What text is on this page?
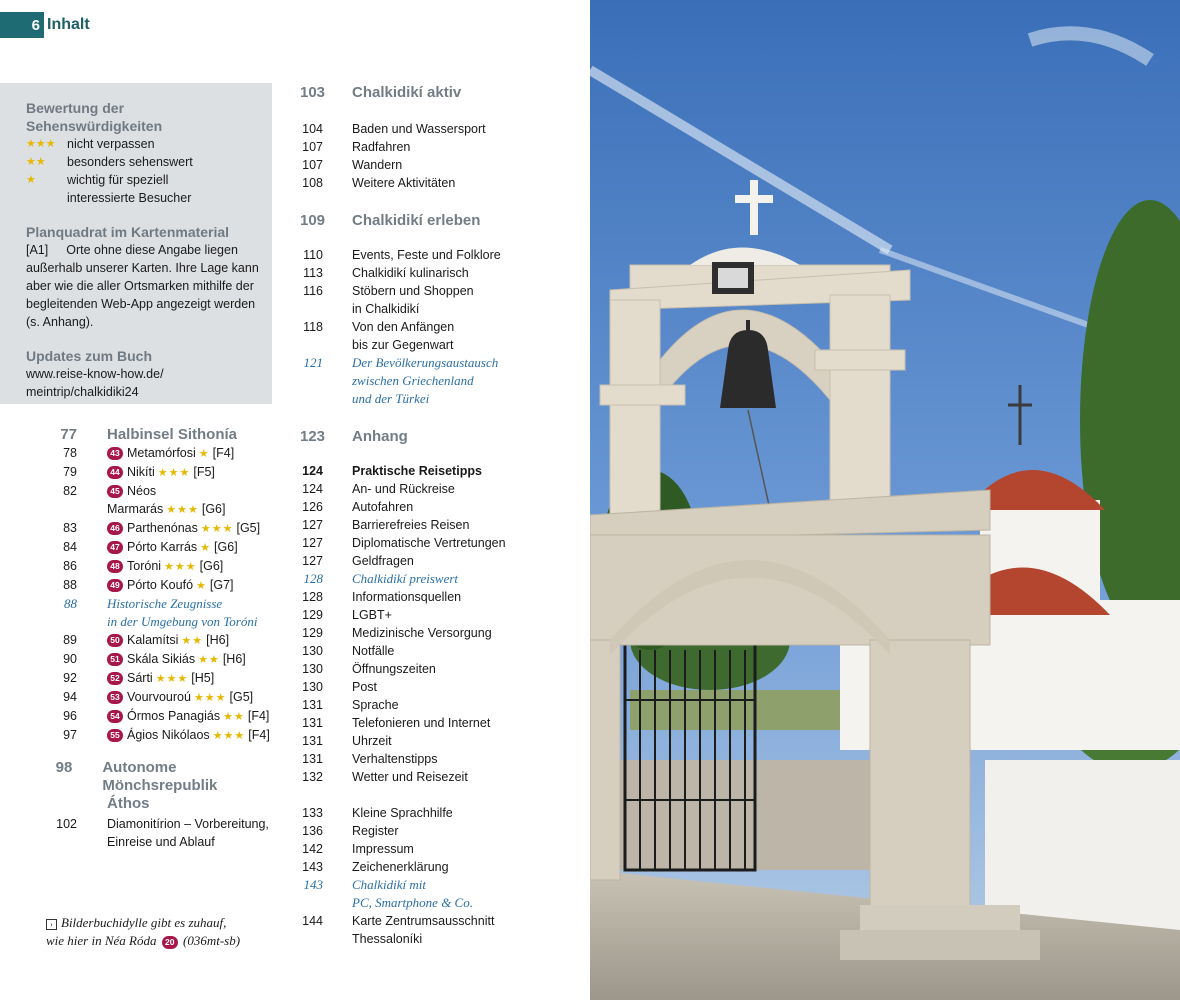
6 Inhalt
Bewertung der Sehenswürdigkeiten
★★★ nicht verpassen
★★	besonders sehenswert
★	wichtig für speziell
interessierte Besucher
Planquadrat im Kartenmaterial

[A1] Orte ohne diese Angabe liegen außerhalb unserer Karten. Ihre Lage kann aber wie die aller Ortsmarken mithilfe der begleitenden Web-App angezeigt werden (s. Anhang).

Updates zum Buch

www.reise-know-how.de/

meintrip/chalkidiki24

77 Halbinsel Sithonía
78	43 Metamórfosi ★ [F4]
79	44 Nikíti ★★★ [F5]
82	45 Néos
Marmarás ★★★ [G6]
83	46 Parthenónas ★★★ [G5]
84	47 Pórto Karrás ★ [G6]
86	48 Toróni ★★★ [G6]
88	49 Pórto Koufó ★ [G7]
88 Historische Zeugnisse
in der Umgebung von Toróni
89	50 Kalamítsi ★★ [H6]
90	51 Skála Sikiás ★★ [H6]
92	52 Sárti ★★★ [H5]
94	53 Vourvouroú ★★★ [G5]
96	54 Órmos Panagiás ★★ [F4]
97	55 Ágios Nikólaos ★★★ [F4]
98 Autonome Mönchsrepublik
Áthos
102 Diamonitírion – Vorbereitung,
Einreise und Ablauf
103 Chalkidikí aktiv
104 Baden und Wassersport
107 Radfahren
107 Wandern
108 Weitere Aktivitäten
109 Chalkidikí erleben
110 Events, Feste und Folklore
113 Chalkidikí kulinarisch
116 Stöbern und Shoppen
in Chalkidikí
118 Von den Anfängen
bis zur Gegenwart
121 Der Bevölkerungsaustausch
zwischen Griechenland
und der Türkei
123 Anhang
124 Praktische Reisetipps
124 An- und Rückreise
126 Autofahren
127 Barrierefreies Reisen
127 Diplomatische Vertretungen
127 Geldfragen
128 Chalkidikí preiswert
128 Informationsquellen
129 LGBT+
129 Medizinische Versorgung
130 Notfälle
130 Öffnungszeiten
130 Post
131 Sprache
131 Telefonieren und Internet
131 Uhrzeit
131 Verhaltenstipps
132 Wetter und Reisezeit
133 Kleine Sprachhilfe
136 Register
142 Impressum
143 Zeichenerklärung
143 Chalkidikí mit
PC, Smartphone & Co.
144 Karte Zentrumsausschnitt
Thessaloníki
› Bilderbuchidylle gibt es zuhauf,
wie hier in Néa Róda 20 (036mt-sb)
